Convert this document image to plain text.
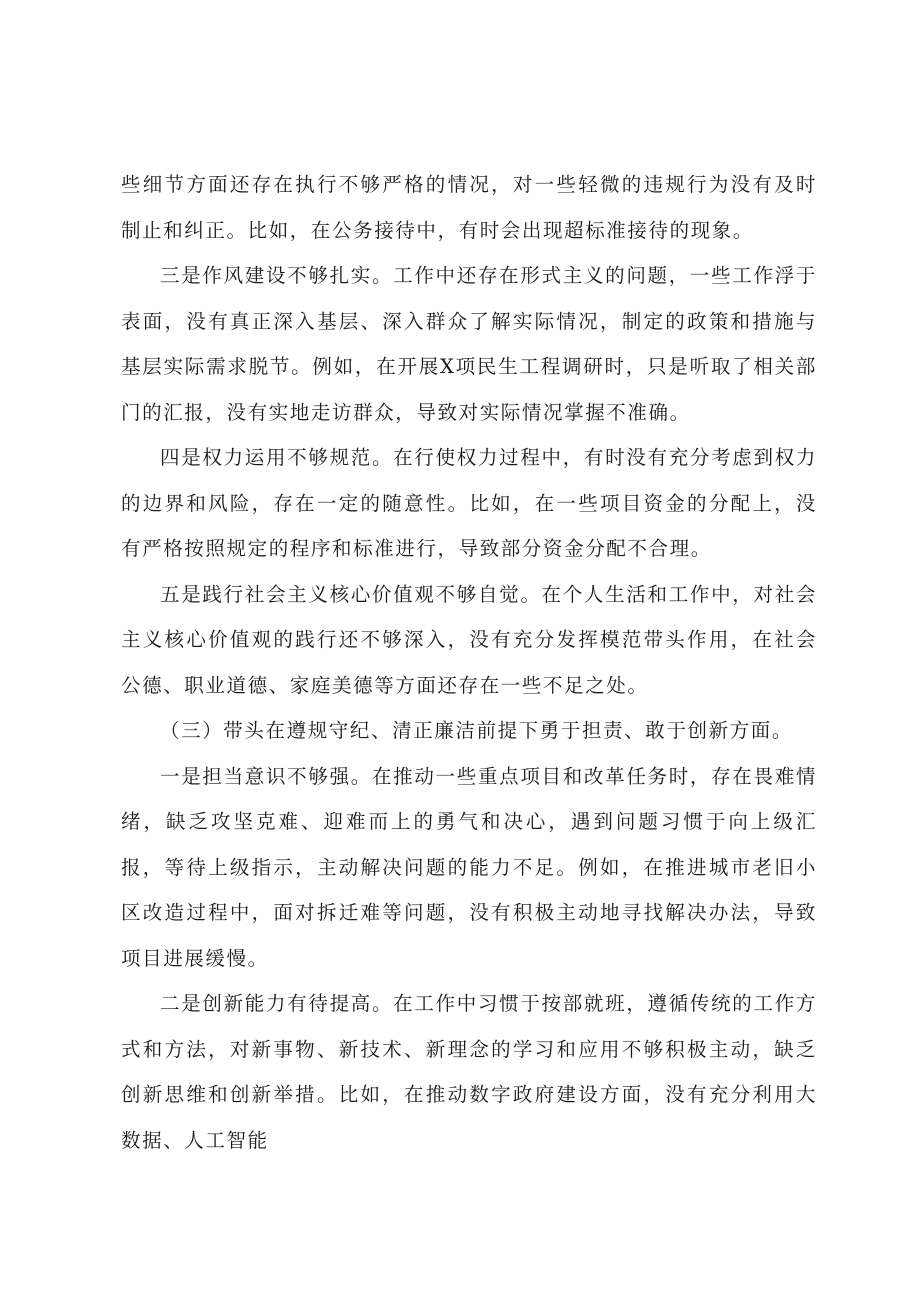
些细节方面还存在执行不够严格的情况，对一些轻微的违规行为没有及时制止和纠正。比如，在公务接待中，有时会出现超标准接待的现象。

三是作风建设不够扎实。工作中还存在形式主义的问题，一些工作浮于表面，没有真正深入基层、深入群众了解实际情况，制定的政策和措施与基层实际需求脱节。例如，在开展X项民生工程调研时，只是听取了相关部门的汇报，没有实地走访群众，导致对实际情况掌握不准确。

四是权力运用不够规范。在行使权力过程中，有时没有充分考虑到权力的边界和风险，存在一定的随意性。比如，在一些项目资金的分配上，没有严格按照规定的程序和标准进行，导致部分资金分配不合理。

五是践行社会主义核心价值观不够自觉。在个人生活和工作中，对社会主义核心价值观的践行还不够深入，没有充分发挥模范带头作用，在社会公德、职业道德、家庭美德等方面还存在一些不足之处。

（三）带头在遵规守纪、清正廉洁前提下勇于担责、敢于创新方面。

一是担当意识不够强。在推动一些重点项目和改革任务时，存在畏难情绪，缺乏攻坚克难、迎难而上的勇气和决心，遇到问题习惯于向上级汇报，等待上级指示，主动解决问题的能力不足。例如，在推进城市老旧小区改造过程中，面对拆迁难等问题，没有积极主动地寻找解决办法，导致项目进展缓慢。

二是创新能力有待提高。在工作中习惯于按部就班，遵循传统的工作方式和方法，对新事物、新技术、新理念的学习和应用不够积极主动，缺乏创新思维和创新举措。比如，在推动数字政府建设方面，没有充分利用大数据、人工智能
